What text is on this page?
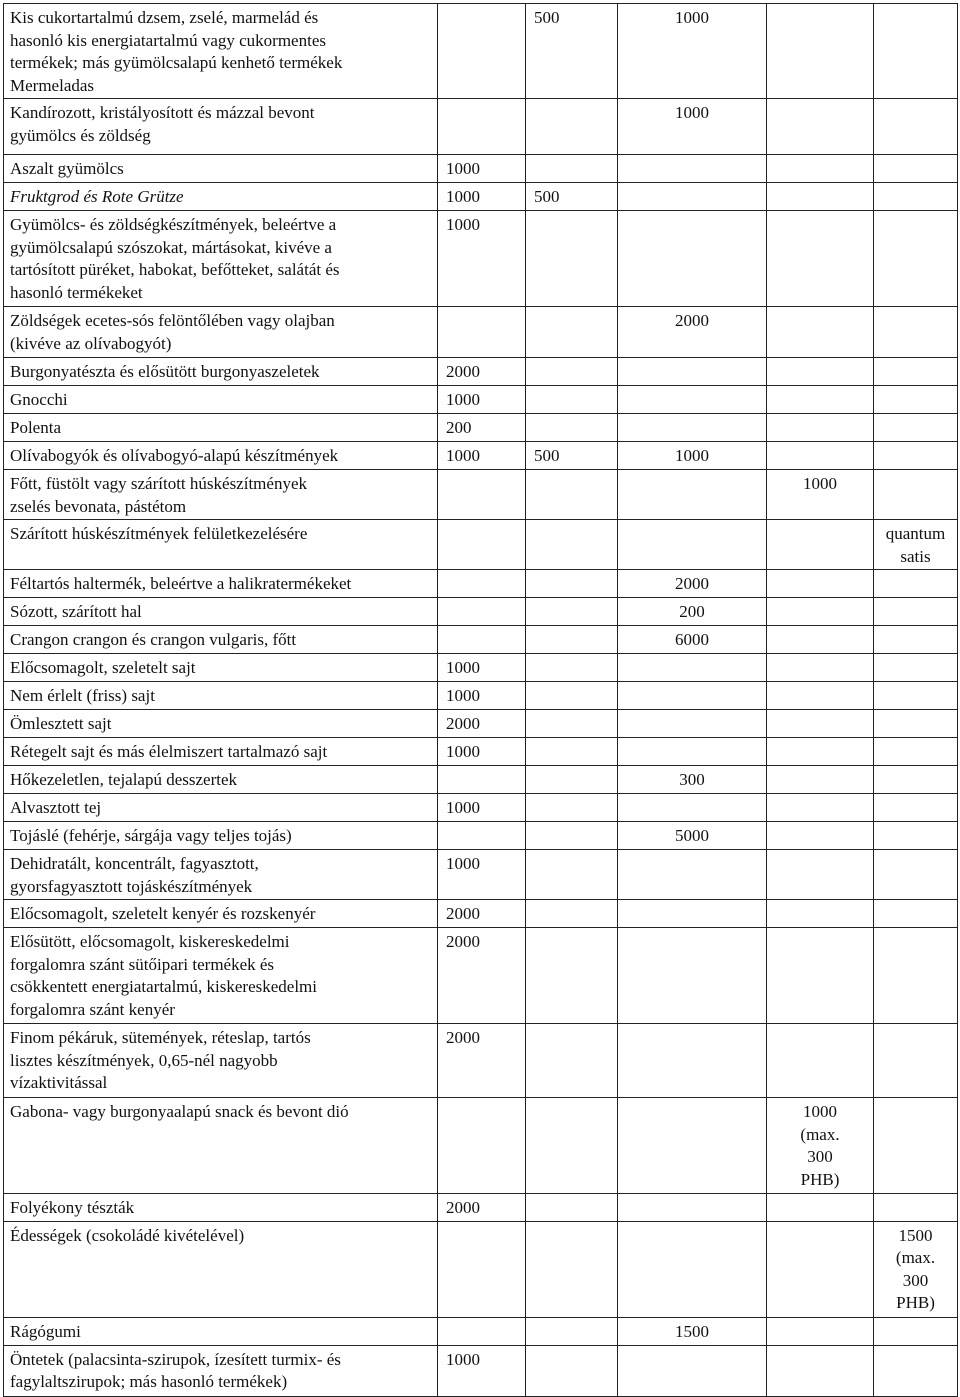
Kis cukortartalmú dzsem, zselé, marmelád és
hasonló kis energiatartalmú vagy cukormentes
termékek; más gyümölcsalapú kenhető termékek
Mermeladas		500	1000		
Kandírozott, kristályosított és mázzal bevont
gyümölcs és zöldség			1000		
Aszalt gyümölcs	1000				
Fruktgrod és Rote Grütze	1000	500			
Gyümölcs- és zöldségkészítmények, beleértve a
gyümölcsalapú szószokat, mártásokat, kivéve a
tartósított püréket, habokat, befőtteket, salátát és
hasonló termékeket	1000				
Zöldségek ecetes-sós felöntőlében vagy olajban
(kivéve az olívabogyót)			2000		
Burgonyatészta és elősütött burgonyaszeletek	2000				
Gnocchi	1000				
Polenta	200				
Olívabogyók és olívabogyó-alapú készítmények	1000	500	1000		
Főtt, füstölt vagy szárított húskészítmények
zselés bevonata, pástétom				1000	
Szárított húskészítmények felületkezelésére					quantum
satis
Féltartós haltermék, beleértve a halikratermékeket			2000		
Sózott, szárított hal			200		
Crangon crangon és crangon vulgaris, főtt			6000		
Előcsomagolt, szeletelt sajt	1000				
Nem érlelt (friss) sajt	1000				
Ömlesztett sajt	2000				
Rétegelt sajt és más élelmiszert tartalmazó sajt	1000				
Hőkezeletlen, tejalapú desszertek			300		
Alvasztott tej	1000				
Tojáslé (fehérje, sárgája vagy teljes tojás)			5000		
Dehidratált, koncentrált, fagyasztott,
gyorsfagyasztott tojáskészítmények	1000				
Előcsomagolt, szeletelt kenyér és rozskenyér	2000				
Elősütött, előcsomagolt, kiskereskedelmi
forgalomra szánt sütőipari termékek és
csökkentett energiatartalmú, kiskereskedelmi
forgalomra szánt kenyér	2000				
Finom pékáruk, sütemények, réteslap, tartós
lisztes készítmények, 0,65-nél nagyobb
vízaktivitással	2000				
Gabona- vagy burgonyaalapú snack és bevont dió				1000
(max.
300
PHB)	
Folyékony tészták	2000				
Édességek (csokoládé kivételével)					1500
(max.
300
PHB)
Rágógumi			1500		
Öntetek (palacsinta-szirupok, ízesített turmix- és
fagylaltszirupok; más hasonló termékek)	1000				
